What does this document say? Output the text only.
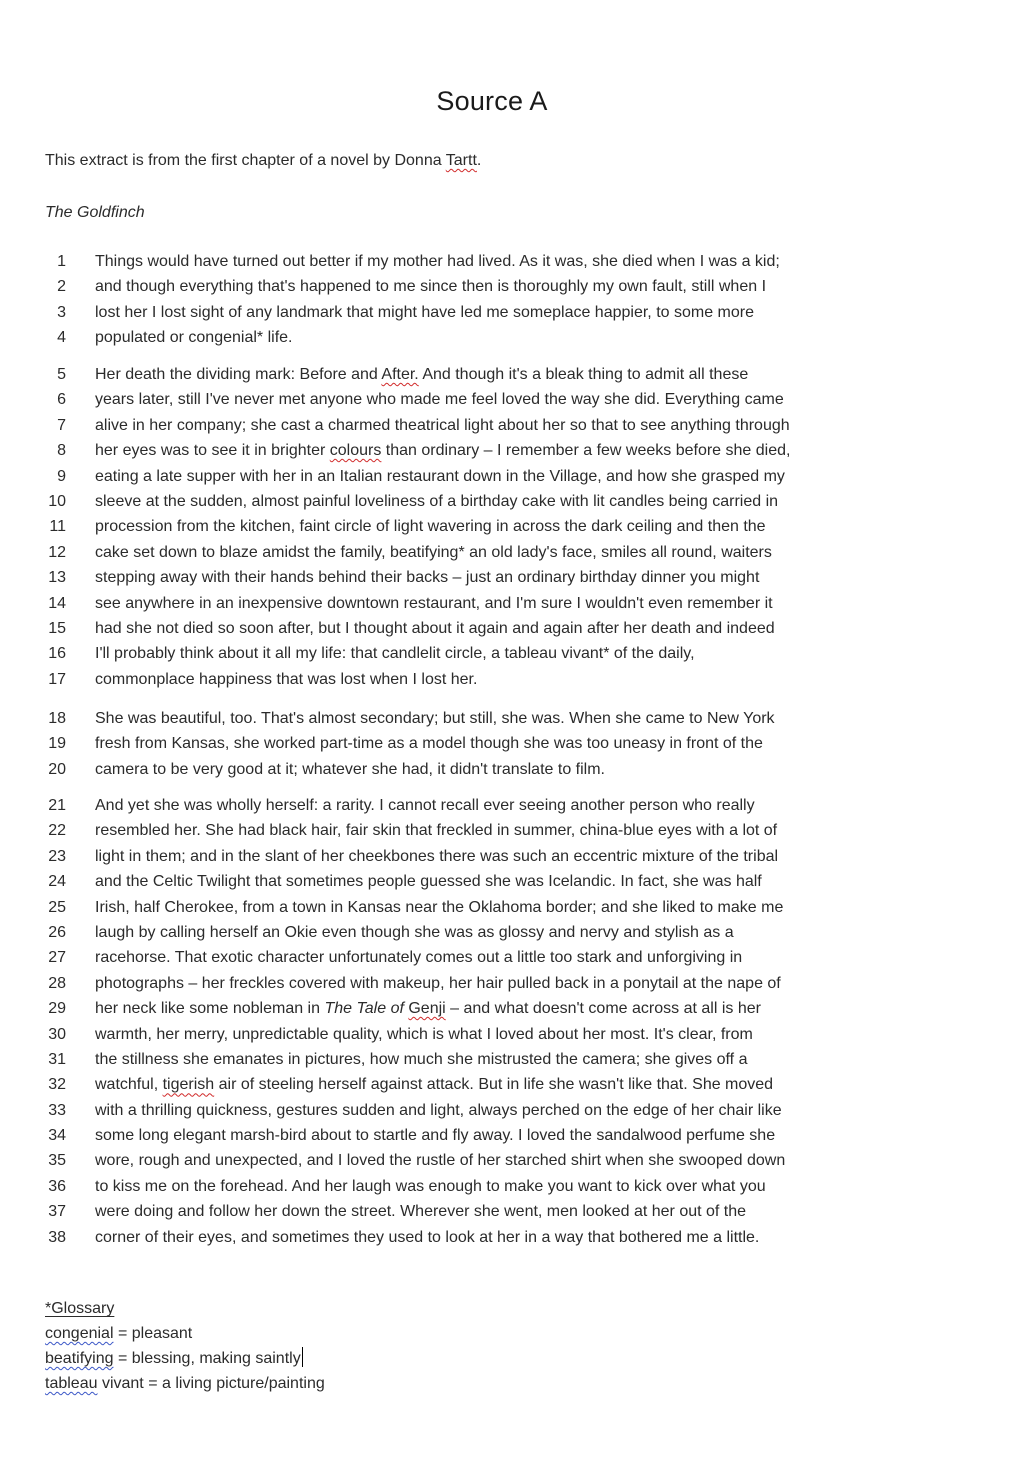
Source A
This extract is from the first chapter of a novel by Donna Tartt.
The Goldfinch
1 Things would have turned out better if my mother had lived. As it was, she died when I was a kid;
2 and though everything that's happened to me since then is thoroughly my own fault, still when I
3 lost her I lost sight of any landmark that might have led me someplace happier, to some more
4 populated or congenial* life.
5 Her death the dividing mark: Before and After. And though it's a bleak thing to admit all these
6 years later, still I've never met anyone who made me feel loved the way she did. Everything came
7 alive in her company; she cast a charmed theatrical light about her so that to see anything through
8 her eyes was to see it in brighter colours than ordinary – I remember a few weeks before she died,
9 eating a late supper with her in an Italian restaurant down in the Village, and how she grasped my
10 sleeve at the sudden, almost painful loveliness of a birthday cake with lit candles being carried in
11 procession from the kitchen, faint circle of light wavering in across the dark ceiling and then the
12 cake set down to blaze amidst the family, beatifying* an old lady's face, smiles all round, waiters
13 stepping away with their hands behind their backs – just an ordinary birthday dinner you might
14 see anywhere in an inexpensive downtown restaurant, and I'm sure I wouldn't even remember it
15 had she not died so soon after, but I thought about it again and again after her death and indeed
16 I'll probably think about it all my life: that candlelit circle, a tableau vivant* of the daily,
17 commonplace happiness that was lost when I lost her.
18 She was beautiful, too. That's almost secondary; but still, she was. When she came to New York
19 fresh from Kansas, she worked part-time as a model though she was too uneasy in front of the
20 camera to be very good at it; whatever she had, it didn't translate to film.
21 And yet she was wholly herself: a rarity. I cannot recall ever seeing another person who really
22 resembled her. She had black hair, fair skin that freckled in summer, china-blue eyes with a lot of
23 light in them; and in the slant of her cheekbones there was such an eccentric mixture of the tribal
24 and the Celtic Twilight that sometimes people guessed she was Icelandic. In fact, she was half
25 Irish, half Cherokee, from a town in Kansas near the Oklahoma border; and she liked to make me
26 laugh by calling herself an Okie even though she was as glossy and nervy and stylish as a
27 racehorse. That exotic character unfortunately comes out a little too stark and unforgiving in
28 photographs – her freckles covered with makeup, her hair pulled back in a ponytail at the nape of
29 her neck like some nobleman in The Tale of Genji – and what doesn't come across at all is her
30 warmth, her merry, unpredictable quality, which is what I loved about her most. It's clear, from
31 the stillness she emanates in pictures, how much she mistrusted the camera; she gives off a
32 watchful, tigerish air of steeling herself against attack. But in life she wasn't like that. She moved
33 with a thrilling quickness, gestures sudden and light, always perched on the edge of her chair like
34 some long elegant marsh-bird about to startle and fly away. I loved the sandalwood perfume she
35 wore, rough and unexpected, and I loved the rustle of her starched shirt when she swooped down
36 to kiss me on the forehead. And her laugh was enough to make you want to kick over what you
37 were doing and follow her down the street. Wherever she went, men looked at her out of the
38 corner of their eyes, and sometimes they used to look at her in a way that bothered me a little.
*Glossary
congenial = pleasant
beatifying = blessing, making saintly
tableau vivant = a living picture/painting
